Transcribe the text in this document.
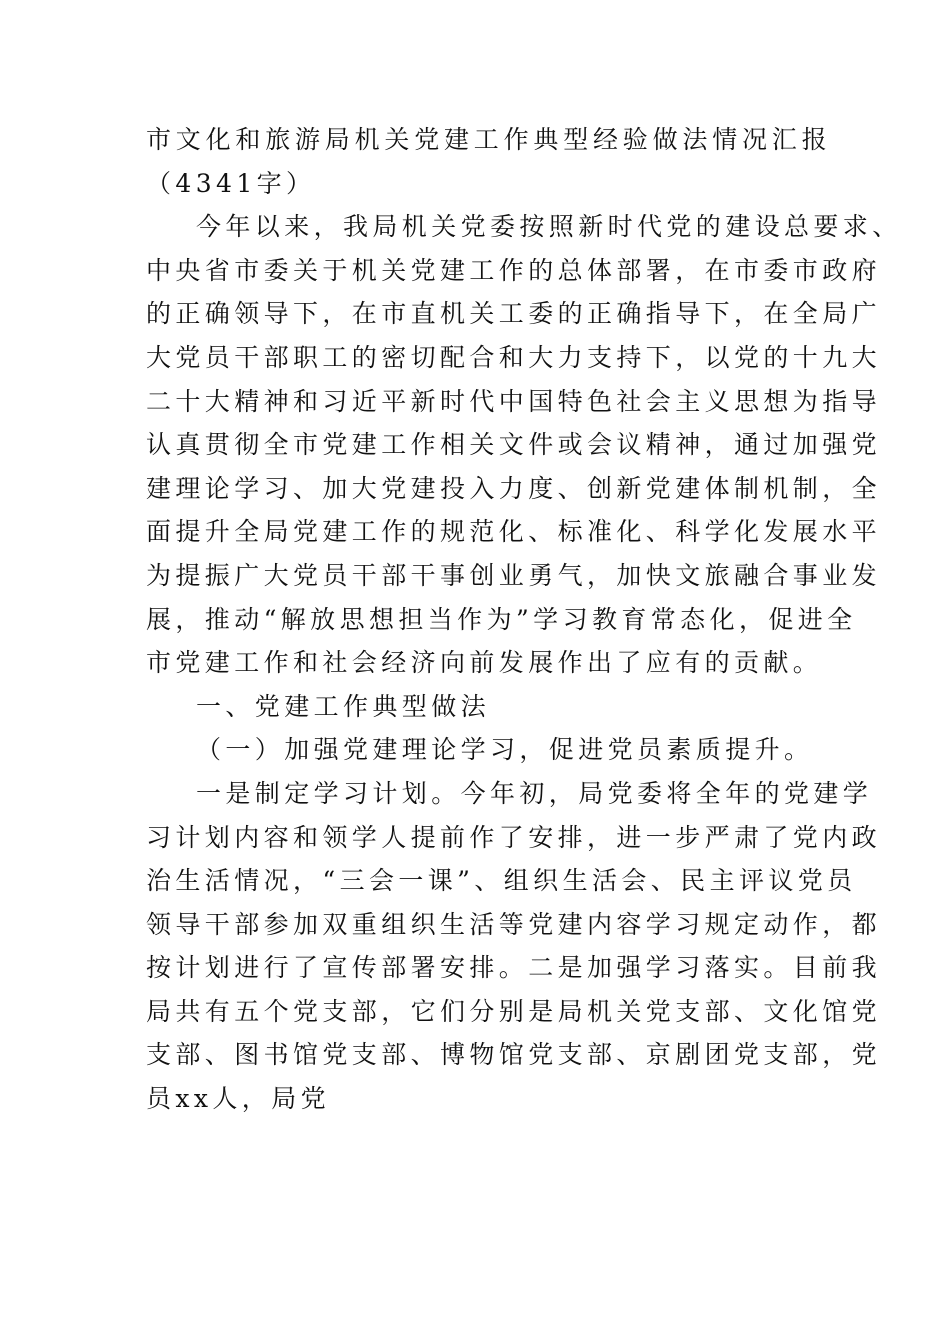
市文化和旅游局机关党建工作典型经验做法情况汇报
（4341字）
今年以来，我局机关党委按照新时代党的建设总要求、
中央省市委关于机关党建工作的总体部署，在市委市政府
的正确领导下，在市直机关工委的正确指导下，在全局广
大党员干部职工的密切配合和大力支持下，以党的十九大
二十大精神和习近平新时代中国特色社会主义思想为指导
认真贯彻全市党建工作相关文件或会议精神，通过加强党
建理论学习、加大党建投入力度、创新党建体制机制，全
面提升全局党建工作的规范化、标准化、科学化发展水平
为提振广大党员干部干事创业勇气，加快文旅融合事业发
展，推动“解放思想担当作为”学习教育常态化，促进全
市党建工作和社会经济向前发展作出了应有的贡献。
一、党建工作典型做法
（一）加强党建理论学习，促进党员素质提升。
一是制定学习计划。今年初，局党委将全年的党建学
习计划内容和领学人提前作了安排，进一步严肃了党内政
治生活情况，“三会一课”、组织生活会、民主评议党员
领导干部参加双重组织生活等党建内容学习规定动作，都
按计划进行了宣传部署安排。二是加强学习落实。目前我
局共有五个党支部，它们分别是局机关党支部、文化馆党
支部、图书馆党支部、博物馆党支部、京剧团党支部，党
员xx人，局党
